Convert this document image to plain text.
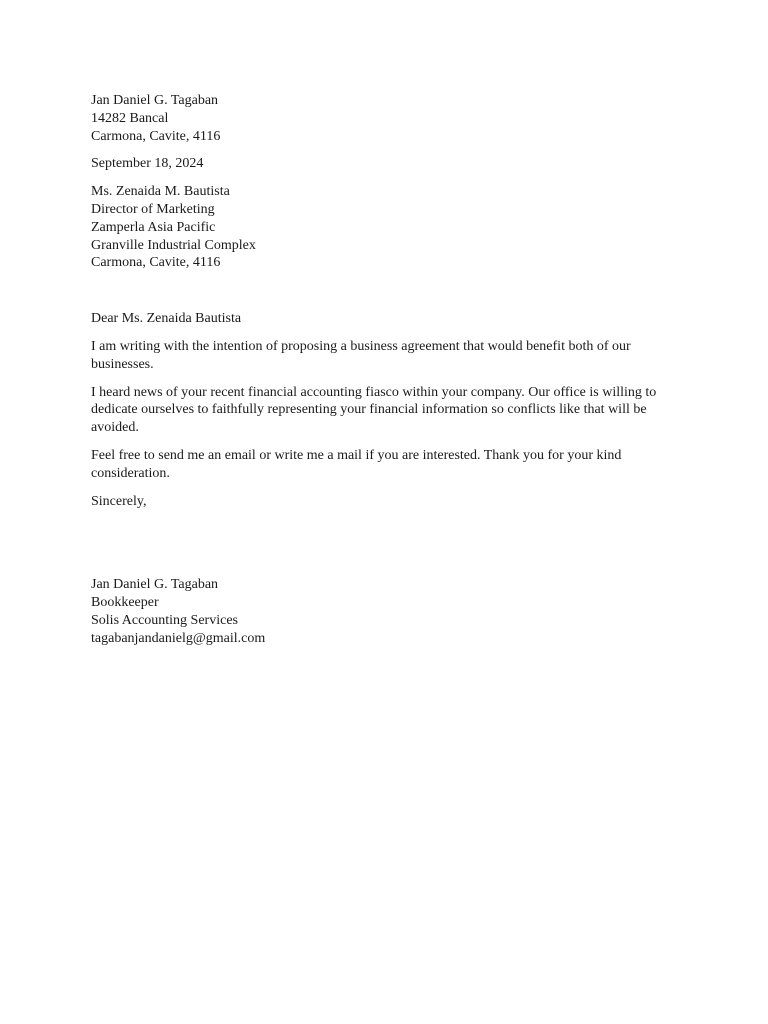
Jan Daniel G. Tagaban
14282 Bancal
Carmona, Cavite, 4116
September 18, 2024
Ms. Zenaida M. Bautista
Director of Marketing
Zamperla Asia Pacific
Granville Industrial Complex
Carmona, Cavite, 4116
Dear Ms. Zenaida Bautista
I am writing with the intention of proposing a business agreement that would benefit both of our businesses.
I heard news of your recent financial accounting fiasco within your company. Our office is willing to dedicate ourselves to faithfully representing your financial information so conflicts like that will be avoided.
Feel free to send me an email or write me a mail if you are interested. Thank you for your kind consideration.
Sincerely,
Jan Daniel G. Tagaban
Bookkeeper
Solis Accounting Services
tagabanjandanielg@gmail.com
